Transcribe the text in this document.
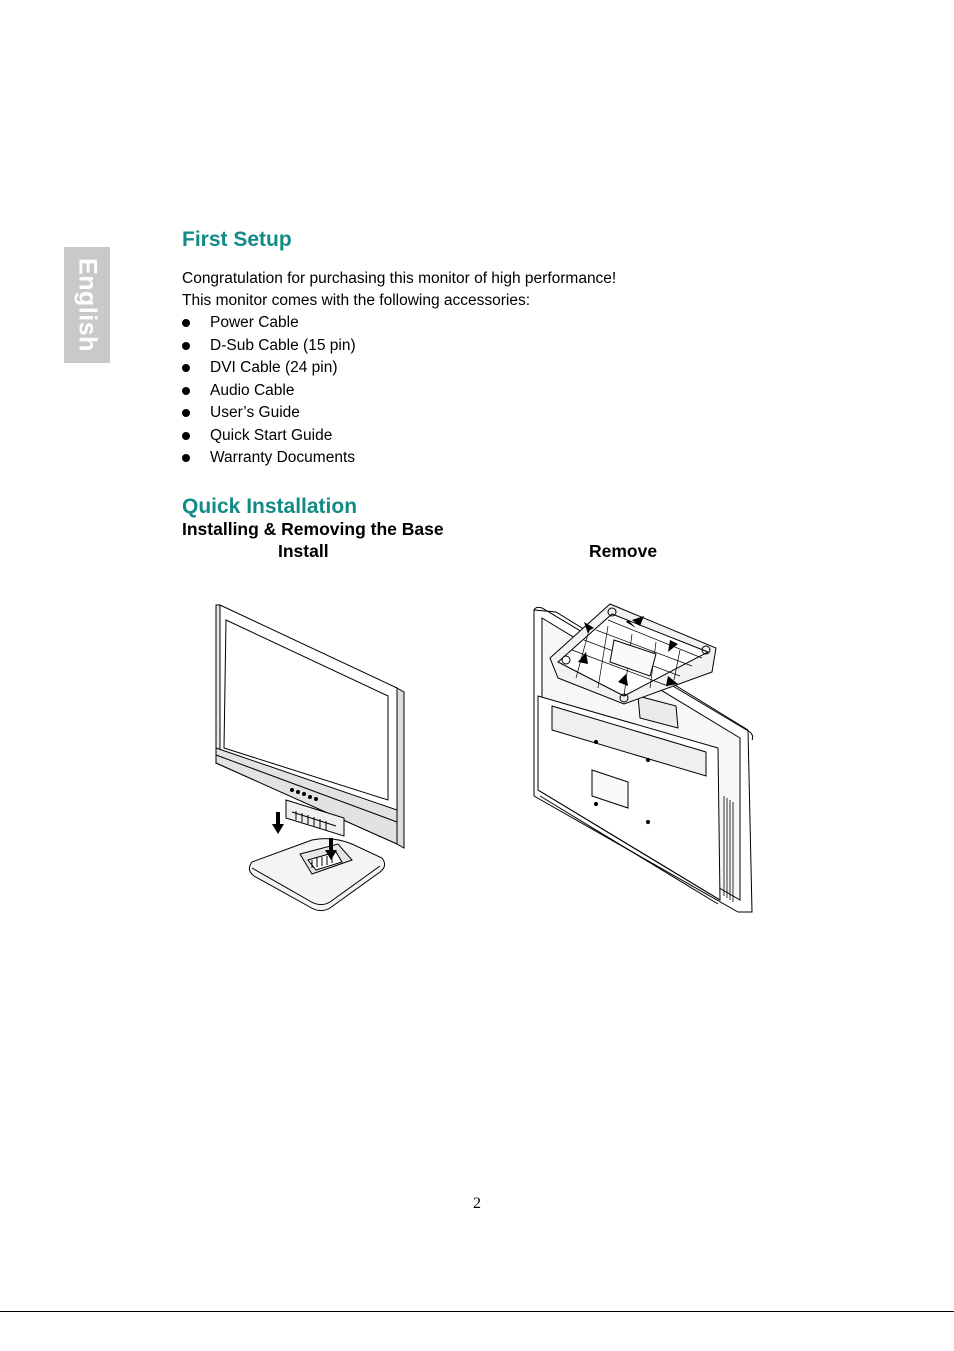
English
First Setup

Congratulation for purchasing this monitor of high performance!

This monitor comes with the following accessories:

Power Cable
D-Sub Cable (15 pin)
DVI Cable (24 pin)
Audio Cable
User’s Guide
Quick Start Guide
Warranty Documents
Quick Installation
Installing & Removing the Base
Install	Remove
2
